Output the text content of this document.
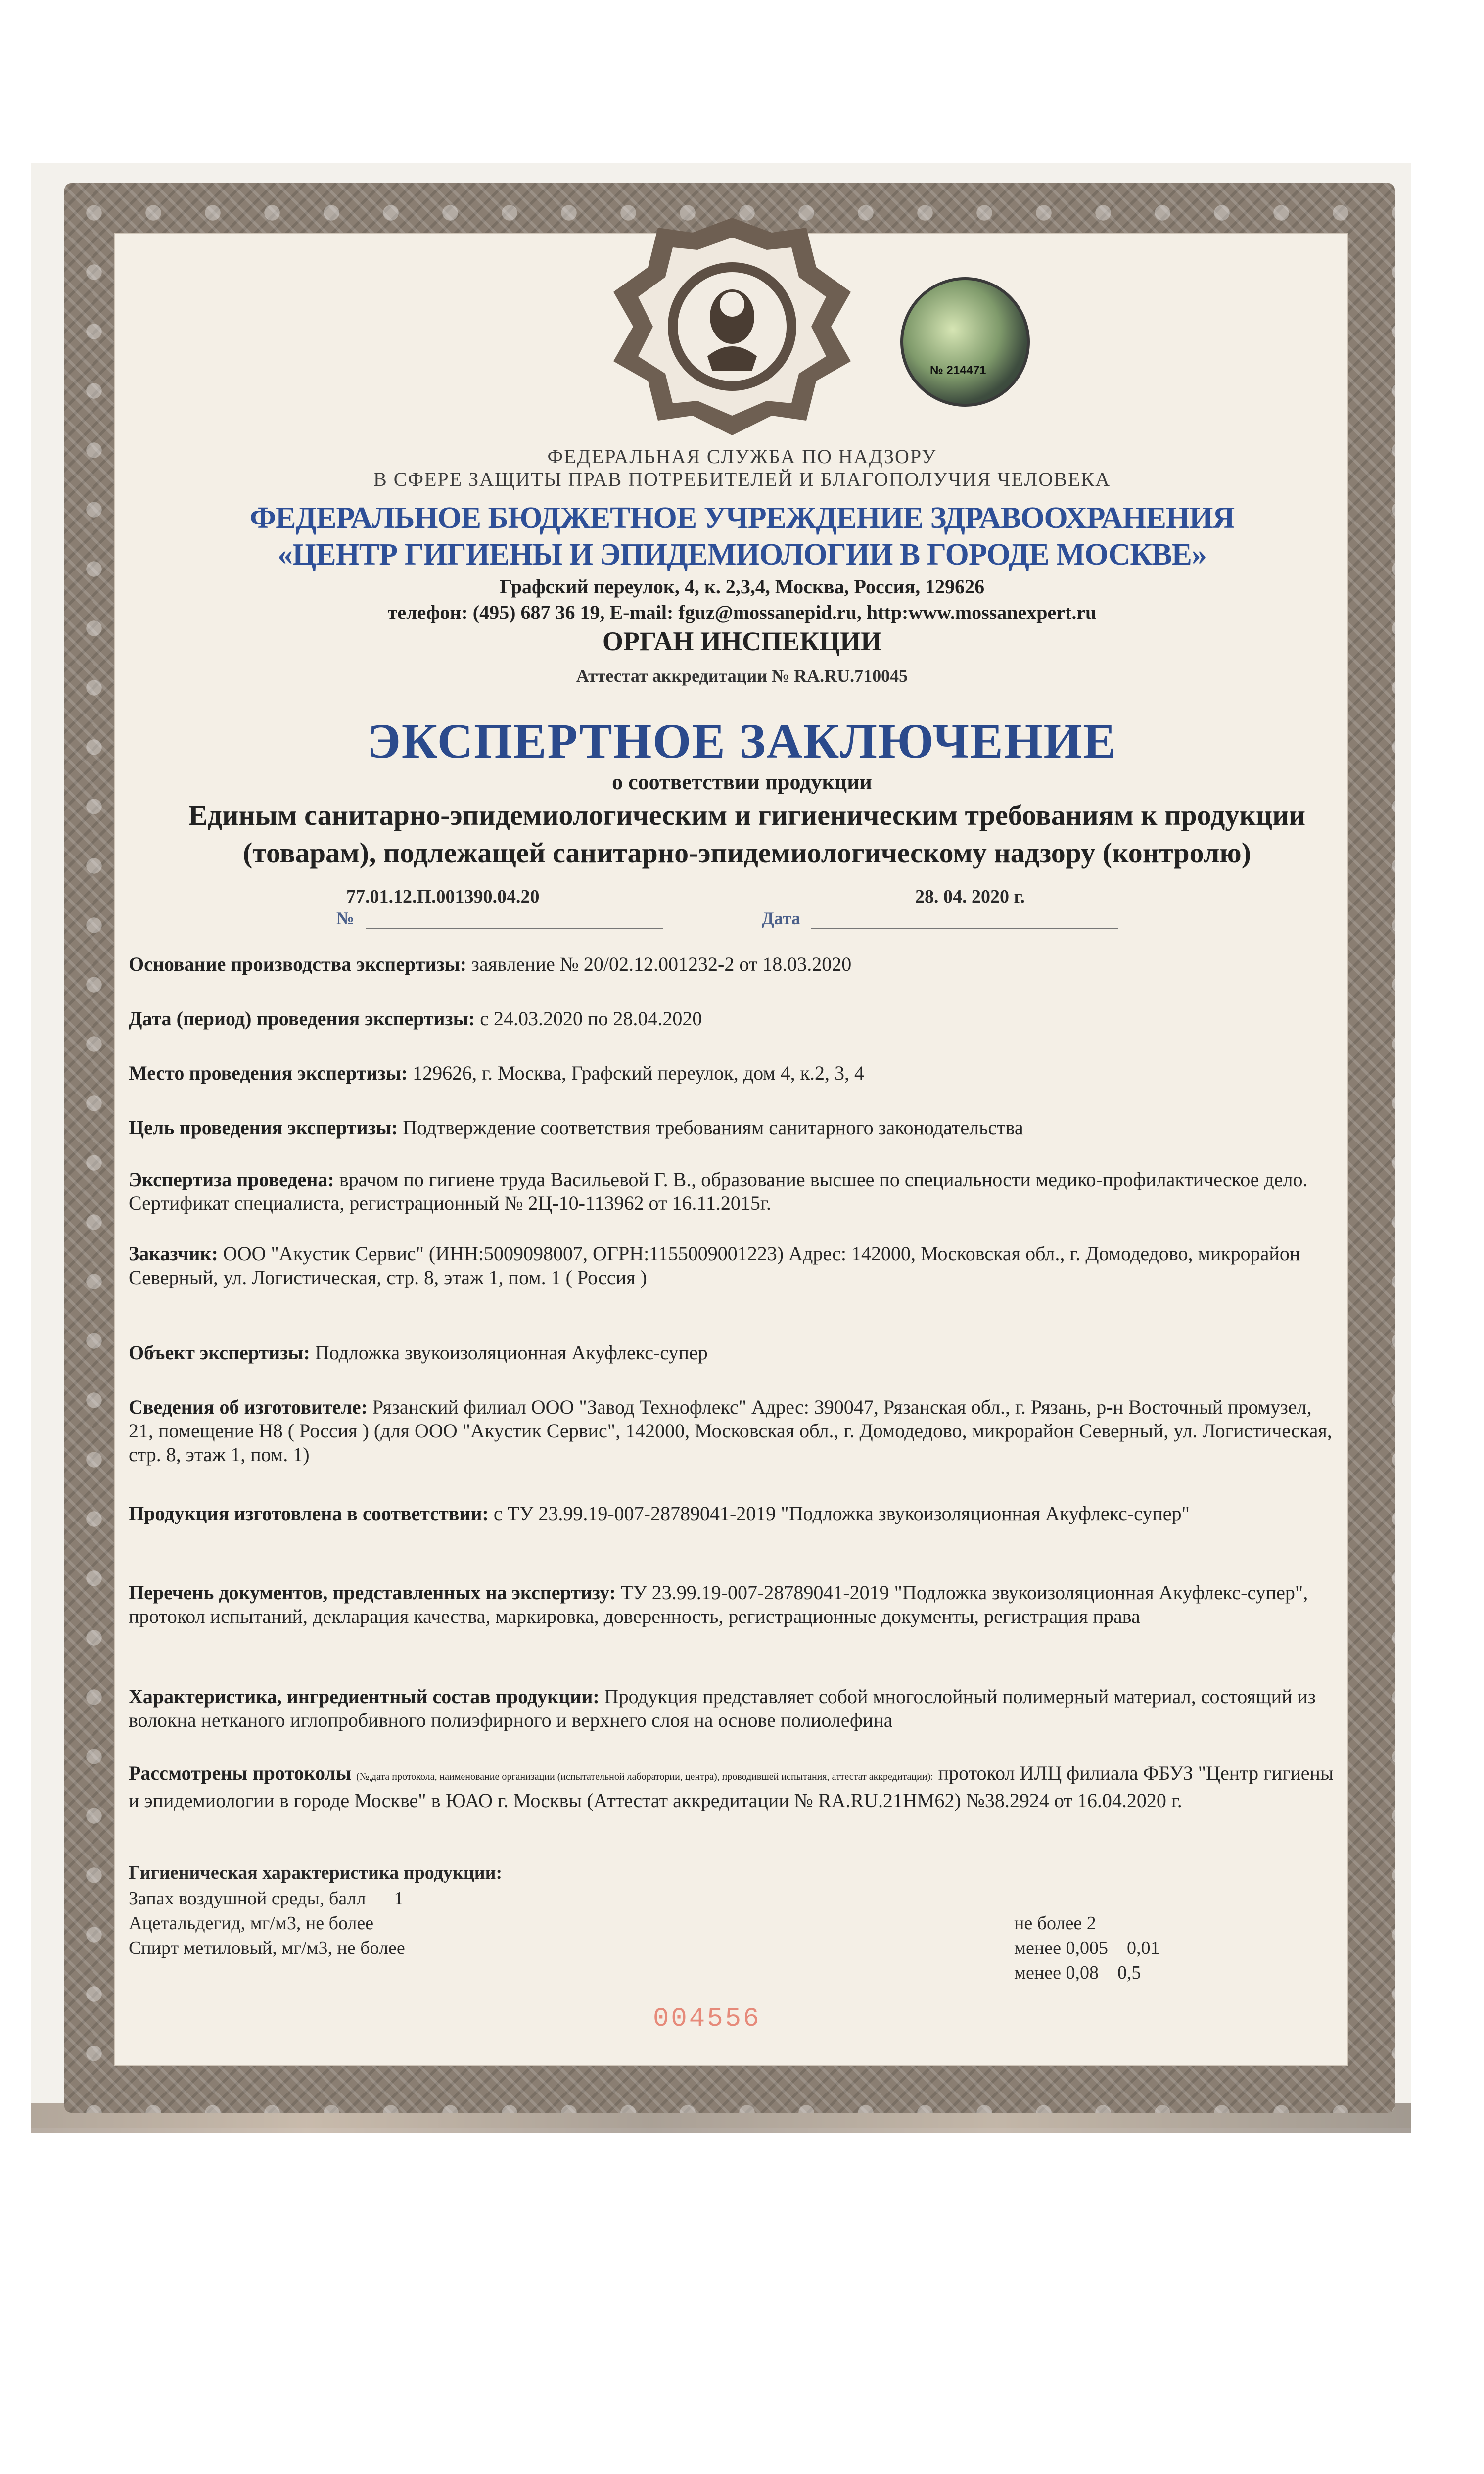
№ 214471
ФЕДЕРАЛЬНАЯ СЛУЖБА ПО НАДЗОРУ
В СФЕРЕ ЗАЩИТЫ ПРАВ ПОТРЕБИТЕЛЕЙ И БЛАГОПОЛУЧИЯ ЧЕЛОВЕКА
ФЕДЕРАЛЬНОЕ БЮДЖЕТНОЕ УЧРЕЖДЕНИЕ ЗДРАВООХРАНЕНИЯ
«ЦЕНТР ГИГИЕНЫ И ЭПИДЕМИОЛОГИИ В ГОРОДЕ МОСКВЕ»
Графский переулок, 4, к. 2,3,4, Москва, Россия, 129626
телефон: (495) 687 36 19, E-mail: fguz@mossanepid.ru, http:www.mossanexpert.ru
ОРГАН ИНСПЕКЦИИ
Аттестат аккредитации № RA.RU.710045
ЭКСПЕРТНОЕ ЗАКЛЮЧЕНИЕ
о соответствии продукции
Единым санитарно-эпидемиологическим и гигиеническим требованиям к продукции (товарам), подлежащей санитарно-эпидемиологическому надзору (контролю)
77.01.12.П.001390.04.20	28. 04. 2020 г.
№	Дата
Основание производства экспертизы: заявление № 20/02.12.001232-2 от 18.03.2020
Дата (период) проведения экспертизы: с 24.03.2020 по 28.04.2020
Место проведения экспертизы: 129626, г. Москва, Графский переулок, дом 4, к.2, 3, 4
Цель проведения экспертизы: Подтверждение соответствия требованиям санитарного законодательства
Экспертиза проведена: врачом по гигиене труда Васильевой Г. В., образование высшее по специальности медико-профилактическое дело. Сертификат специалиста, регистрационный № 2Ц-10-113962 от 16.11.2015г.
Заказчик: ООО "Акустик Сервис" (ИНН:5009098007, ОГРН:1155009001223) Адрес: 142000, Московская обл., г. Домодедово, микрорайон Северный, ул. Логистическая, стр. 8, этаж 1, пом. 1 ( Россия )
Объект экспертизы: Подложка звукоизоляционная Акуфлекс-супер
Сведения об изготовителе: Рязанский филиал ООО "Завод Технофлекс" Адрес: 390047, Рязанская обл., г. Рязань, р-н Восточный промузел, 21, помещение Н8 ( Россия ) (для ООО "Акустик Сервис", 142000, Московская обл., г. Домодедово, микрорайон Северный, ул. Логистическая, стр. 8, этаж 1, пом. 1)
Продукция изготовлена в соответствии: с ТУ 23.99.19-007-28789041-2019 "Подложка звукоизоляционная Акуфлекс-супер"
Перечень документов, представленных на экспертизу: ТУ 23.99.19-007-28789041-2019 "Подложка звукоизоляционная Акуфлекс-супер", протокол испытаний, декларация качества, маркировка, доверенность, регистрационные документы, регистрация права
Характеристика, ингредиентный состав продукции: Продукция представляет собой многослойный полимерный материал, состоящий из волокна нетканого иглопробивного полиэфирного и верхнего слоя на основе полиолефина
Рассмотрены протоколы (№,дата протокола, наименование организации (испытательной лаборатории, центра), проводившей испытания, аттестат аккредитации): протокол ИЛЦ филиала ФБУЗ "Центр гигиены и эпидемиологии в городе Москве" в ЮАО г. Москвы (Аттестат аккредитации № RA.RU.21НМ62) №38.2924 от 16.04.2020 г.
Гигиеническая характеристика продукции:
Запах воздушной среды, балл 1
Ацетальдегид, мг/м3, не более
Спирт метиловый, мг/м3, не более
не более 2
менее 0,005 0,01
менее 0,08 0,5
004556
